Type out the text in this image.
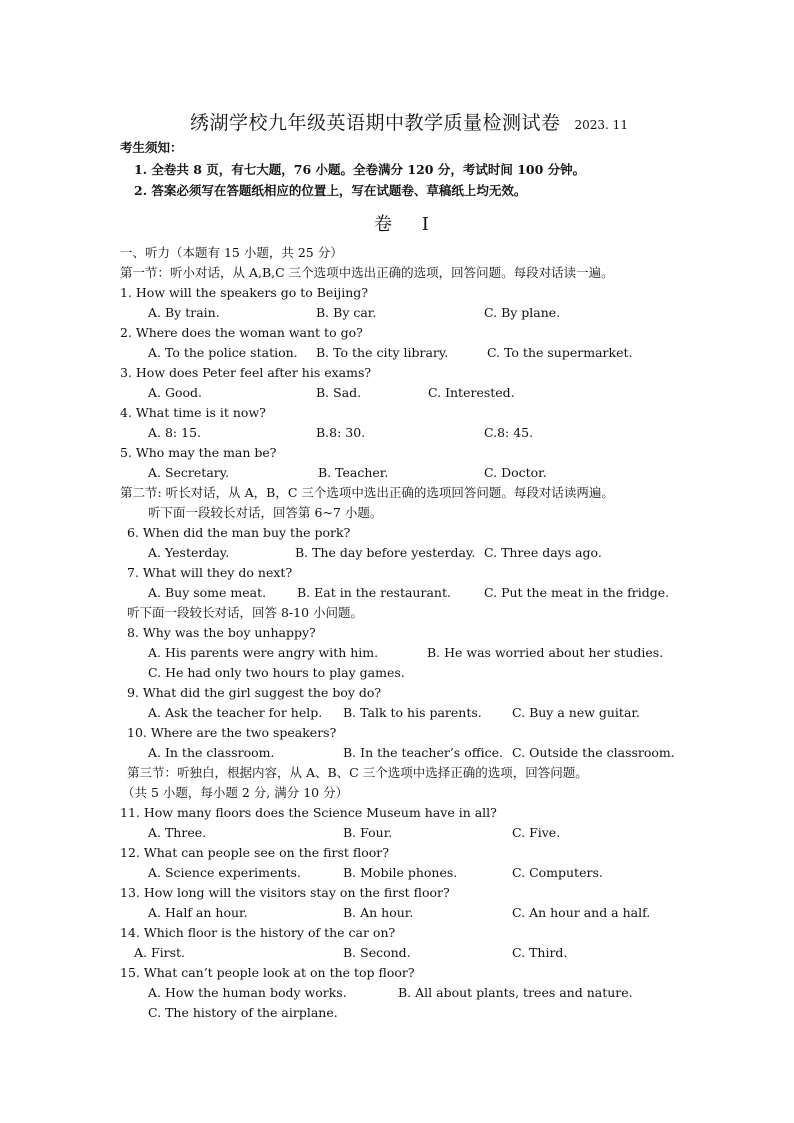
绣湖学校九年级英语期中教学质量检测试卷 2023. 11
考生须知：
1. 全卷共 8 页，有七大题，76 小题。全卷满分 120 分，考试时间 100 分钟。
2. 答案必须写在答题纸相应的位置上，写在试题卷、草稿纸上均无效。
卷 Ⅰ
一、听力（本题有 15 小题，共 25 分）
第一节：听小对话，从 A,B,C 三个选项中选出正确的选项，回答问题。每段对话读一遍。
1. How will the speakers go to Beijing?
A. By train.	B. By car.	C. By plane.
2. Where does the woman want to go?
A. To the police station. B. To the city library.	C. To the supermarket.
3. How does Peter feel after his exams?
A. Good.	B. Sad.	C. Interested.
4. What time is it now?
A. 8: 15.	B.8: 30.	C.8: 45.
5. Who may the man be?
A. Secretary.	B. Teacher.	C. Doctor.
第二节: 听长对话，从 A，B，C 三个选项中选出正确的选项回答问题。每段对话读两遍。
听下面一段较长对话，回答第 6~7 小题。
6. When did the man buy the pork?
A. Yesterday.	B. The day before yesterday. C. Three days ago.
7. What will they do next?
A. Buy some meat. B. Eat in the restaurant.	C. Put the meat in the fridge.
听下面一段较长对话，回答 8-10 小问题。
8. Why was the boy unhappy?
A. His parents were angry with him.	B. He was worried about her studies.
C. He had only two hours to play games.
9. What did the girl suggest the boy do?
A. Ask the teacher for help. B. Talk to his parents. C. Buy a new guitar.
10. Where are the two speakers?
A. In the classroom.	B. In the teacher’s office. C. Outside the classroom.
第三节：听独白，根据内容，从 A、B、C 三个选项中选择正确的选项，回答问题。
（共 5 小题，每小题 2 分, 满分 10 分）
11. How many floors does the Science Museum have in all?
A. Three.	B. Four.	C. Five.
12. What can people see on the first floor?
A. Science experiments.	B. Mobile phones.	C. Computers.
13. How long will the visitors stay on the first floor?
A. Half an hour.	B. An hour.	C. An hour and a half.
14. Which floor is the history of the car on?
A. First.	B. Second.	C. Third.
15. What can’t people look at on the top floor?
A. How the human body works.	B. All about plants, trees and nature.
C. The history of the airplane.
